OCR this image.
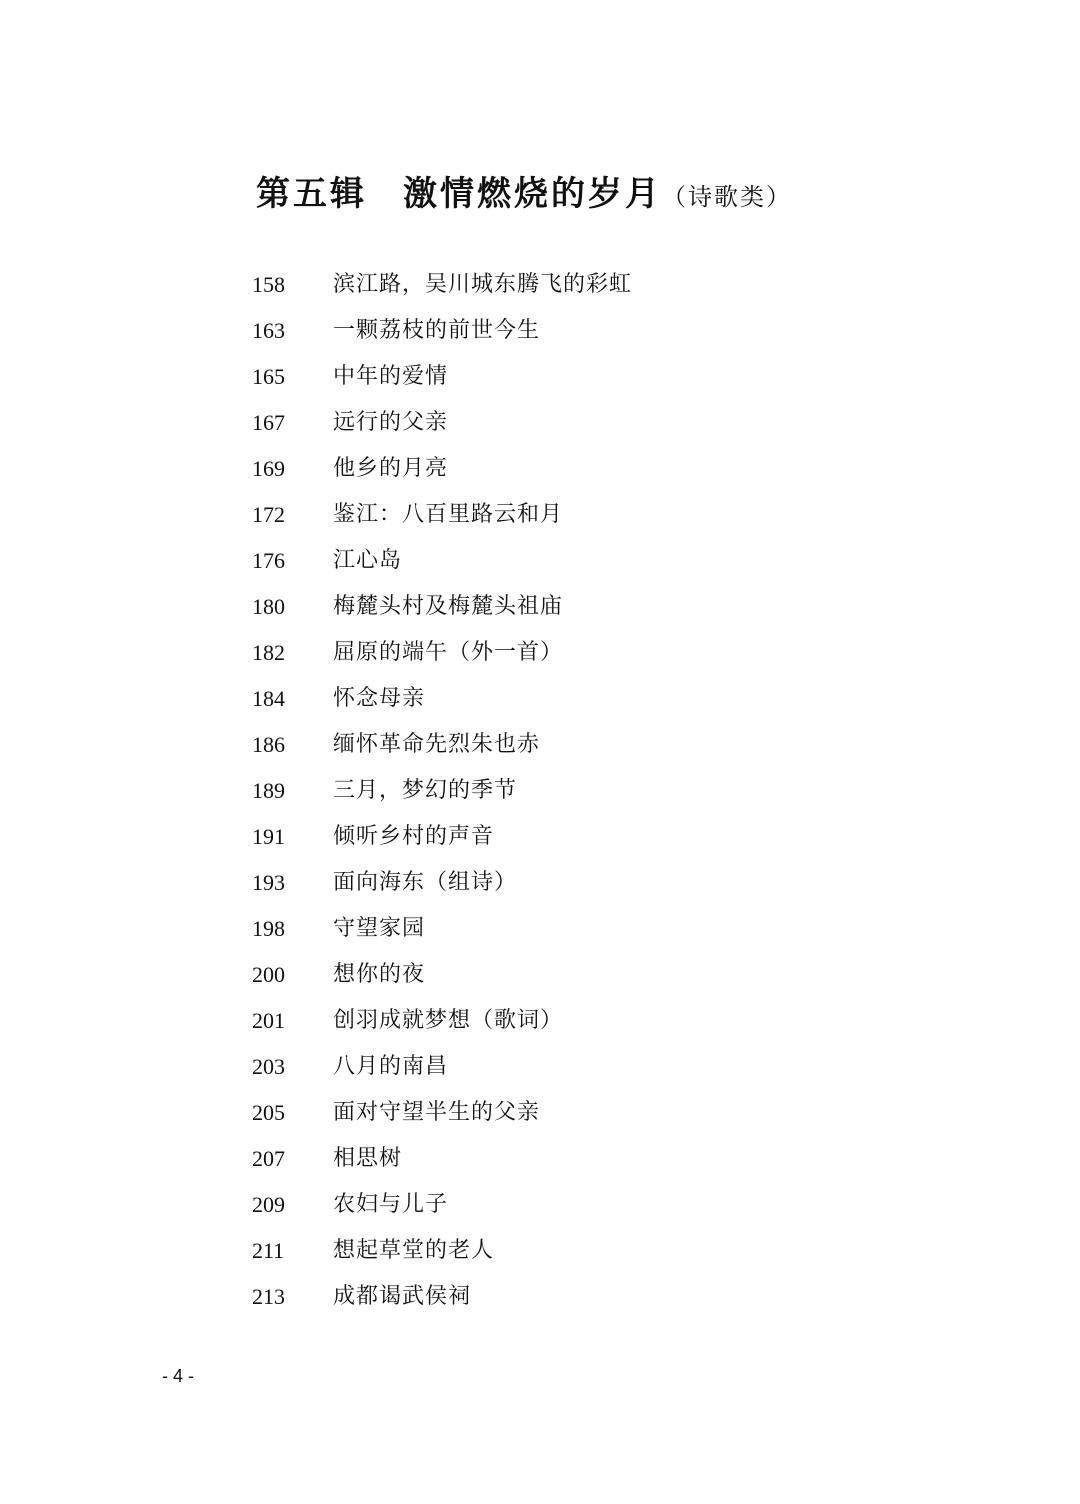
第五辑 激情燃烧的岁月（诗歌类）
158	滨江路，吴川城东腾飞的彩虹
163	一颗荔枝的前世今生
165	中年的爱情
167	远行的父亲
169	他乡的月亮
172	鉴江：八百里路云和月
176	江心岛
180	梅麓头村及梅麓头祖庙
182	屈原的端午（外一首）
184	怀念母亲
186	缅怀革命先烈朱也赤
189	三月，梦幻的季节
191	倾听乡村的声音
193	面向海东（组诗）
198	守望家园
200	想你的夜
201	创羽成就梦想（歌词）
203	八月的南昌
205	面对守望半生的父亲
207	相思树
209	农妇与儿子
211	想起草堂的老人
213	成都谒武侯祠
- 4 -
